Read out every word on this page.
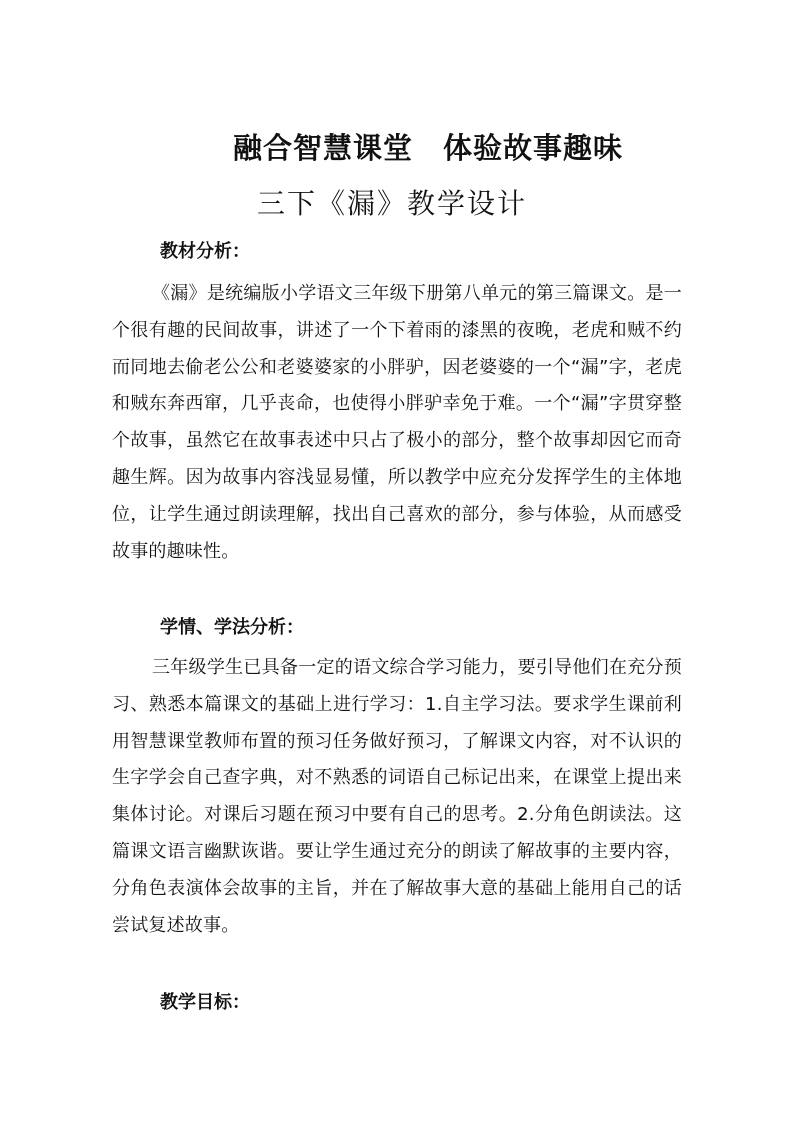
融合智慧课堂 体验故事趣味
三下《漏》教学设计
教材分析：

《漏》是统编版小学语文三年级下册第八单元的第三篇课文。是一个很有趣的民间故事，讲述了一个下着雨的漆黑的夜晚，老虎和贼不约而同地去偷老公公和老婆婆家的小胖驴，因老婆婆的一个“漏”字，老虎和贼东奔西窜，几乎丧命，也使得小胖驴幸免于难。一个“漏”字贯穿整个故事，虽然它在故事表述中只占了极小的部分，整个故事却因它而奇趣生辉。因为故事内容浅显易懂，所以教学中应充分发挥学生的主体地位，让学生通过朗读理解，找出自己喜欢的部分，参与体验，从而感受故事的趣味性。

学情、学法分析：

三年级学生已具备一定的语文综合学习能力，要引导他们在充分预习、熟悉本篇课文的基础上进行学习：1.自主学习法。要求学生课前利用智慧课堂教师布置的预习任务做好预习，了解课文内容，对不认识的生字学会自己查字典，对不熟悉的词语自己标记出来，在课堂上提出来集体讨论。对课后习题在预习中要有自己的思考。2.分角色朗读法。这篇课文语言幽默诙谐。要让学生通过充分的朗读了解故事的主要内容，分角色表演体会故事的主旨，并在了解故事大意的基础上能用自己的话尝试复述故事。

教学目标：
